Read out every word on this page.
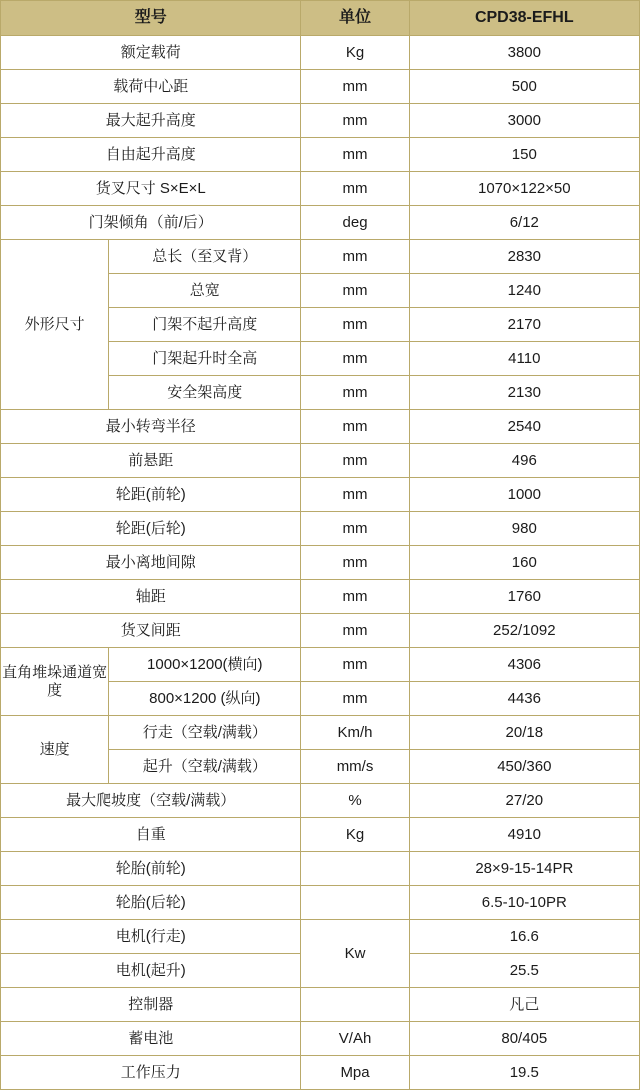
型号		单位	CPD38-EFHL
额定载荷		Kg	3800
载荷中心距		mm	500
最大起升高度		mm	3000
自由起升高度		mm	150
货叉尺寸 S×E×L		mm	1070×122×50
门架倾角（前/后）		deg	6/12
外形尺寸	总长（至叉背）	mm	2830
	总宽	mm	1240
	门架不起升高度	mm	2170
	门架起升时全高	mm	4110
	安全架高度	mm	2130
最小转弯半径		mm	2540
前悬距		mm	496
轮距(前轮)		mm	1000
轮距(后轮)		mm	980
最小离地间隙		mm	160
轴距		mm	1760
货叉间距		mm	252/1092
直角堆垛通道宽度	1000×1200(横向)	mm	4306
	800×1200 (纵向)	mm	4436
速度	行走（空载/满载）	Km/h	20/18
	起升（空载/满载）	mm/s	450/360
最大爬坡度（空载/满载）		%	27/20
自重		Kg	4910
轮胎(前轮)			28×9-15-14PR
轮胎(后轮)			6.5-10-10PR
电机(行走)		Kw	16.6
电机(起升)			25.5
控制器			凡己
蓄电池		V/Ah	80/405
工作压力		Mpa	19.5
